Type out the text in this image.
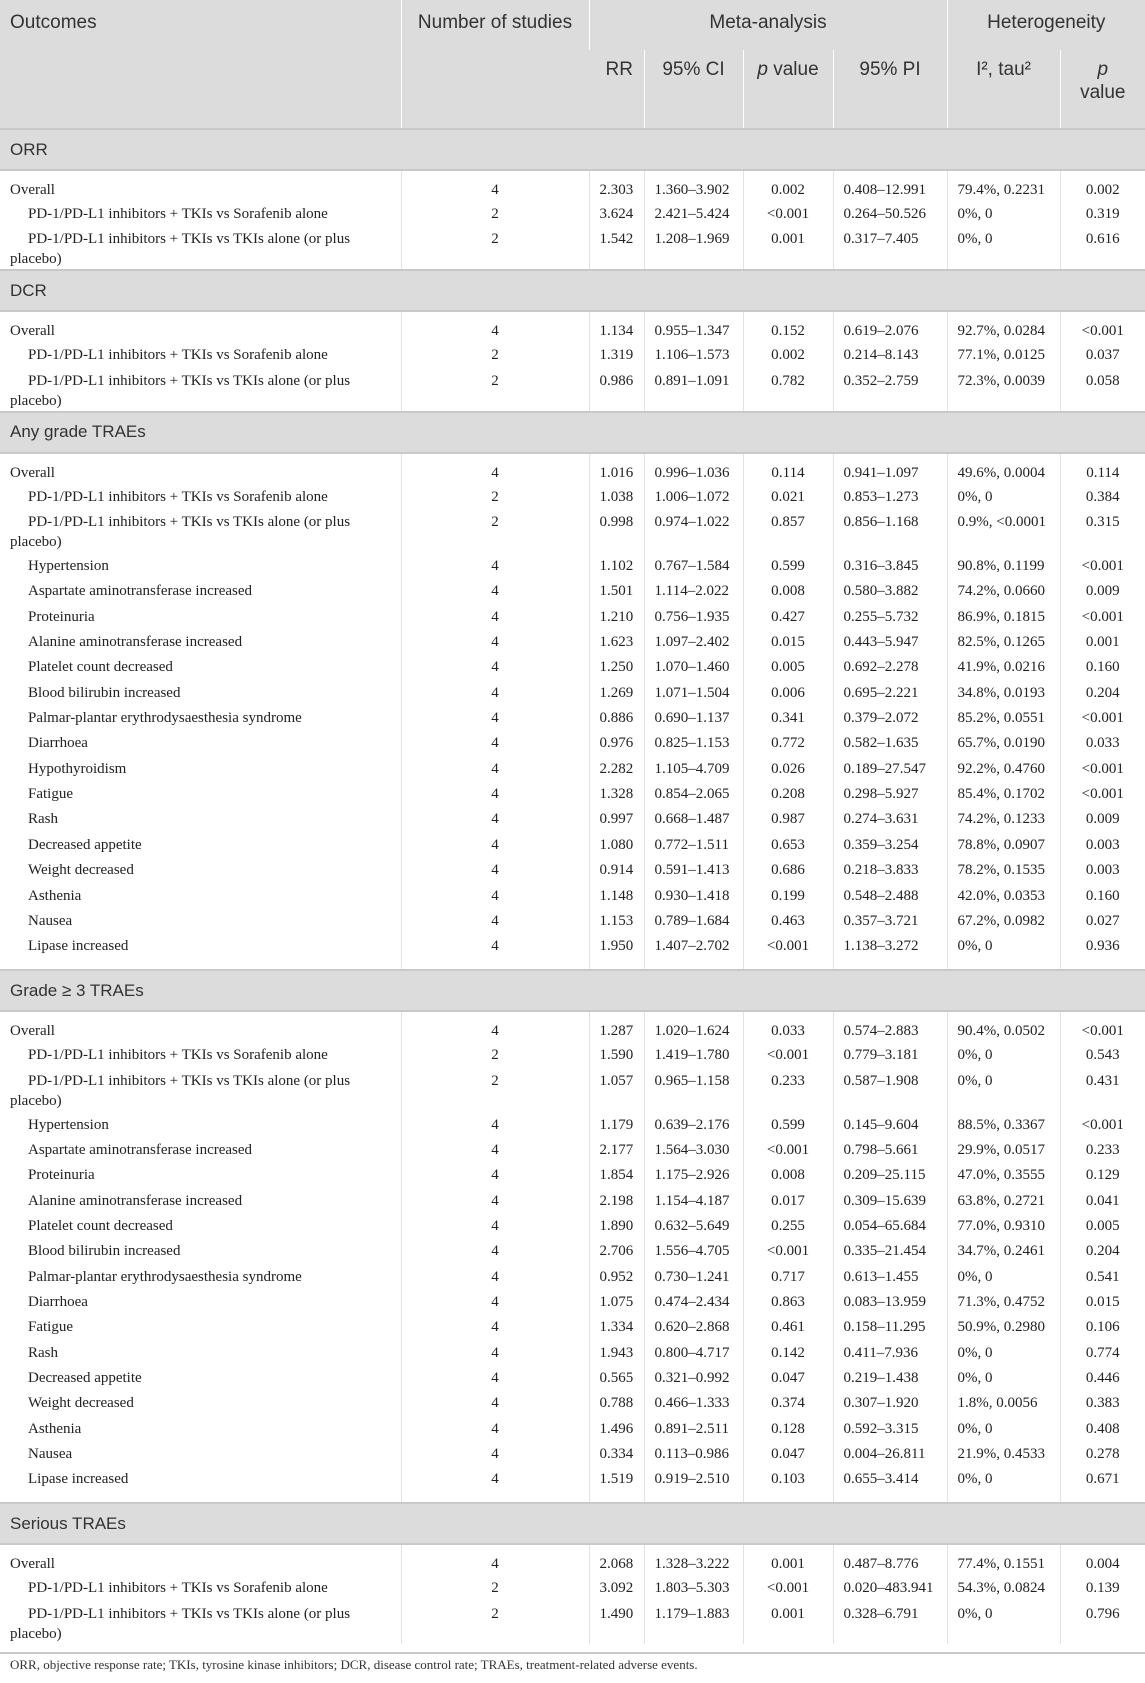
Outcomes	Number of studies	Meta-analysis				Heterogeneity	
		RR	95% CI	p value	95% PI	I², tau²	p
value
ORR							
Overall	4	2.303	1.360–3.902	0.002	0.408–12.991	79.4%, 0.2231	0.002
PD-1/PD-L1 inhibitors + TKIs vs Sorafenib alone	2	3.624	2.421–5.424	<0.001	0.264–50.526	0%, 0	0.319
PD-1/PD-L1 inhibitors + TKIs vs TKIs alone (or plus placebo)	2	1.542	1.208–1.969	0.001	0.317–7.405	0%, 0	0.616
DCR							
Overall	4	1.134	0.955–1.347	0.152	0.619–2.076	92.7%, 0.0284	<0.001
PD-1/PD-L1 inhibitors + TKIs vs Sorafenib alone	2	1.319	1.106–1.573	0.002	0.214–8.143	77.1%, 0.0125	0.037
PD-1/PD-L1 inhibitors + TKIs vs TKIs alone (or plus placebo)	2	0.986	0.891–1.091	0.782	0.352–2.759	72.3%, 0.0039	0.058
Any grade TRAEs							
Overall	4	1.016	0.996–1.036	0.114	0.941–1.097	49.6%, 0.0004	0.114
PD-1/PD-L1 inhibitors + TKIs vs Sorafenib alone	2	1.038	1.006–1.072	0.021	0.853–1.273	0%, 0	0.384
PD-1/PD-L1 inhibitors + TKIs vs TKIs alone (or plus placebo)	2	0.998	0.974–1.022	0.857	0.856–1.168	0.9%, <0.0001	0.315
Hypertension	4	1.102	0.767–1.584	0.599	0.316–3.845	90.8%, 0.1199	<0.001
Aspartate aminotransferase increased	4	1.501	1.114–2.022	0.008	0.580–3.882	74.2%, 0.0660	0.009
Proteinuria	4	1.210	0.756–1.935	0.427	0.255–5.732	86.9%, 0.1815	<0.001
Alanine aminotransferase increased	4	1.623	1.097–2.402	0.015	0.443–5.947	82.5%, 0.1265	0.001
Platelet count decreased	4	1.250	1.070–1.460	0.005	0.692–2.278	41.9%, 0.0216	0.160
Blood bilirubin increased	4	1.269	1.071–1.504	0.006	0.695–2.221	34.8%, 0.0193	0.204
Palmar-plantar erythrodysaesthesia syndrome	4	0.886	0.690–1.137	0.341	0.379–2.072	85.2%, 0.0551	<0.001
Diarrhoea	4	0.976	0.825–1.153	0.772	0.582–1.635	65.7%, 0.0190	0.033
Hypothyroidism	4	2.282	1.105–4.709	0.026	0.189–27.547	92.2%, 0.4760	<0.001
Fatigue	4	1.328	0.854–2.065	0.208	0.298–5.927	85.4%, 0.1702	<0.001
Rash	4	0.997	0.668–1.487	0.987	0.274–3.631	74.2%, 0.1233	0.009
Decreased appetite	4	1.080	0.772–1.511	0.653	0.359–3.254	78.8%, 0.0907	0.003
Weight decreased	4	0.914	0.591–1.413	0.686	0.218–3.833	78.2%, 0.1535	0.003
Asthenia	4	1.148	0.930–1.418	0.199	0.548–2.488	42.0%, 0.0353	0.160
Nausea	4	1.153	0.789–1.684	0.463	0.357–3.721	67.2%, 0.0982	0.027
Lipase increased	4	1.950	1.407–2.702	<0.001	1.138–3.272	0%, 0	0.936
Grade ≥ 3 TRAEs							
Overall	4	1.287	1.020–1.624	0.033	0.574–2.883	90.4%, 0.0502	<0.001
PD-1/PD-L1 inhibitors + TKIs vs Sorafenib alone	2	1.590	1.419–1.780	<0.001	0.779–3.181	0%, 0	0.543
PD-1/PD-L1 inhibitors + TKIs vs TKIs alone (or plus placebo)	2	1.057	0.965–1.158	0.233	0.587–1.908	0%, 0	0.431
Hypertension	4	1.179	0.639–2.176	0.599	0.145–9.604	88.5%, 0.3367	<0.001
Aspartate aminotransferase increased	4	2.177	1.564–3.030	<0.001	0.798–5.661	29.9%, 0.0517	0.233
Proteinuria	4	1.854	1.175–2.926	0.008	0.209–25.115	47.0%, 0.3555	0.129
Alanine aminotransferase increased	4	2.198	1.154–4.187	0.017	0.309–15.639	63.8%, 0.2721	0.041
Platelet count decreased	4	1.890	0.632–5.649	0.255	0.054–65.684	77.0%, 0.9310	0.005
Blood bilirubin increased	4	2.706	1.556–4.705	<0.001	0.335–21.454	34.7%, 0.2461	0.204
Palmar-plantar erythrodysaesthesia syndrome	4	0.952	0.730–1.241	0.717	0.613–1.455	0%, 0	0.541
Diarrhoea	4	1.075	0.474–2.434	0.863	0.083–13.959	71.3%, 0.4752	0.015
Fatigue	4	1.334	0.620–2.868	0.461	0.158–11.295	50.9%, 0.2980	0.106
Rash	4	1.943	0.800–4.717	0.142	0.411–7.936	0%, 0	0.774
Decreased appetite	4	0.565	0.321–0.992	0.047	0.219–1.438	0%, 0	0.446
Weight decreased	4	0.788	0.466–1.333	0.374	0.307–1.920	1.8%, 0.0056	0.383
Asthenia	4	1.496	0.891–2.511	0.128	0.592–3.315	0%, 0	0.408
Nausea	4	0.334	0.113–0.986	0.047	0.004–26.811	21.9%, 0.4533	0.278
Lipase increased	4	1.519	0.919–2.510	0.103	0.655–3.414	0%, 0	0.671
Serious TRAEs							
Overall	4	2.068	1.328–3.222	0.001	0.487–8.776	77.4%, 0.1551	0.004
PD-1/PD-L1 inhibitors + TKIs vs Sorafenib alone	2	3.092	1.803–5.303	<0.001	0.020–483.941	54.3%, 0.0824	0.139
PD-1/PD-L1 inhibitors + TKIs vs TKIs alone (or plus placebo)	2	1.490	1.179–1.883	0.001	0.328–6.791	0%, 0	0.796
ORR, objective response rate; TKIs, tyrosine kinase inhibitors; DCR, disease control rate; TRAEs, treatment-related adverse events.
